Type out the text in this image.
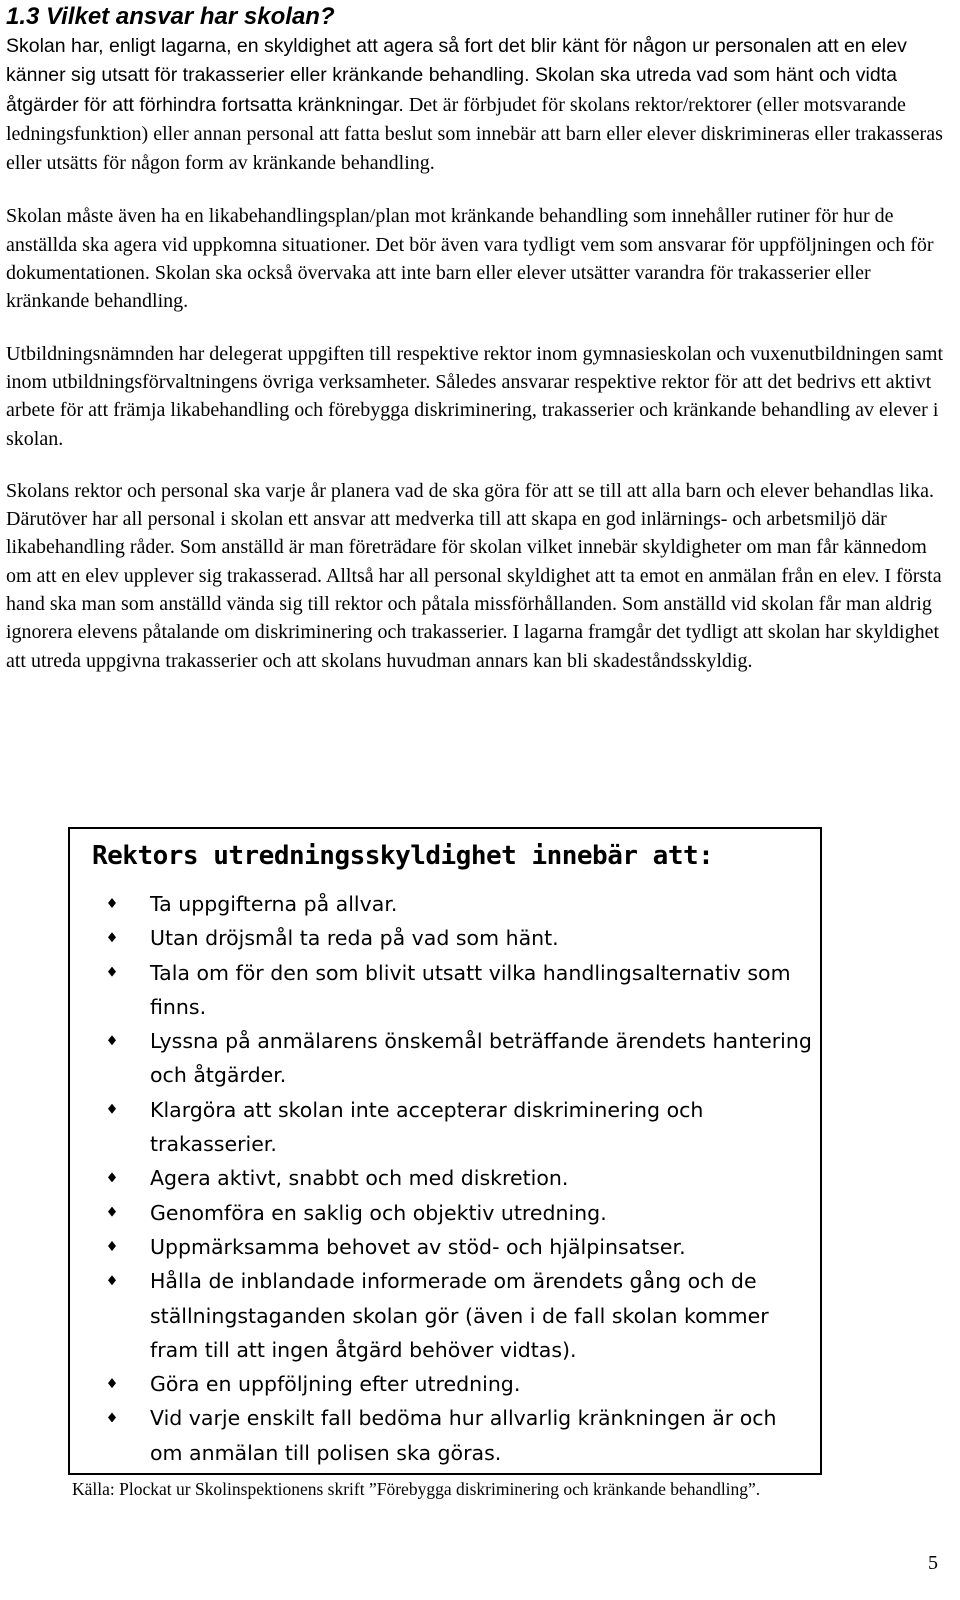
1.3 Vilket ansvar har skolan?

Skolan har, enligt lagarna, en skyldighet att agera så fort det blir känt för någon ur personalen att en elev känner sig utsatt för trakasserier eller kränkande behandling. Skolan ska utreda vad som hänt och vidta åtgärder för att förhindra fortsatta kränkningar. Det är förbjudet för skolans rektor/rektorer (eller motsvarande ledningsfunktion) eller annan personal att fatta beslut som innebär att barn eller elever diskrimineras eller trakasseras eller utsätts för någon form av kränkande behandling.

Skolan måste även ha en likabehandlingsplan/plan mot kränkande behandling som innehåller rutiner för hur de anställda ska agera vid uppkomna situationer. Det bör även vara tydligt vem som ansvarar för uppföljningen och för dokumentationen. Skolan ska också övervaka att inte barn eller elever utsätter varandra för trakasserier eller kränkande behandling.

Utbildningsnämnden har delegerat uppgiften till respektive rektor inom gymnasieskolan och vuxenutbildningen samt inom utbildningsförvaltningens övriga verksamheter. Således ansvarar respektive rektor för att det bedrivs ett aktivt arbete för att främja likabehandling och förebygga diskriminering, trakasserier och kränkande behandling av elever i skolan.

Skolans rektor och personal ska varje år planera vad de ska göra för att se till att alla barn och elever behandlas lika. Därutöver har all personal i skolan ett ansvar att medverka till att skapa en god inlärnings- och arbetsmiljö där likabehandling råder. Som anställd är man företrädare för skolan vilket innebär skyldigheter om man får kännedom om att en elev upplever sig trakasserad. Alltså har all personal skyldighet att ta emot en anmälan från en elev. I första hand ska man som anställd vända sig till rektor och påtala missförhållanden. Som anställd vid skolan får man aldrig ignorera elevens påtalande om diskriminering och trakasserier. I lagarna framgår det tydligt att skolan har skyldighet att utreda uppgivna trakasserier och att skolans huvudman annars kan bli skadeståndsskyldig.

Rektors utredningsskyldighet innebär att:
Ta uppgifterna på allvar.
Utan dröjsmål ta reda på vad som hänt.
Tala om för den som blivit utsatt vilka handlingsalternativ som finns.
Lyssna på anmälarens önskemål beträffande ärendets hantering och åtgärder.
Klargöra att skolan inte accepterar diskriminering och trakasserier.
Agera aktivt, snabbt och med diskretion.
Genomföra en saklig och objektiv utredning.
Uppmärksamma behovet av stöd- och hjälpinsatser.
Hålla de inblandade informerade om ärendets gång och de ställningstaganden skolan gör (även i de fall skolan kommer fram till att ingen åtgärd behöver vidtas).
Göra en uppföljning efter utredning.
Vid varje enskilt fall bedöma hur allvarlig kränkningen är och om anmälan till polisen ska göras.
Källa: Plockat ur Skolinspektionens skrift ”Förebygga diskriminering och kränkande behandling”.
5
